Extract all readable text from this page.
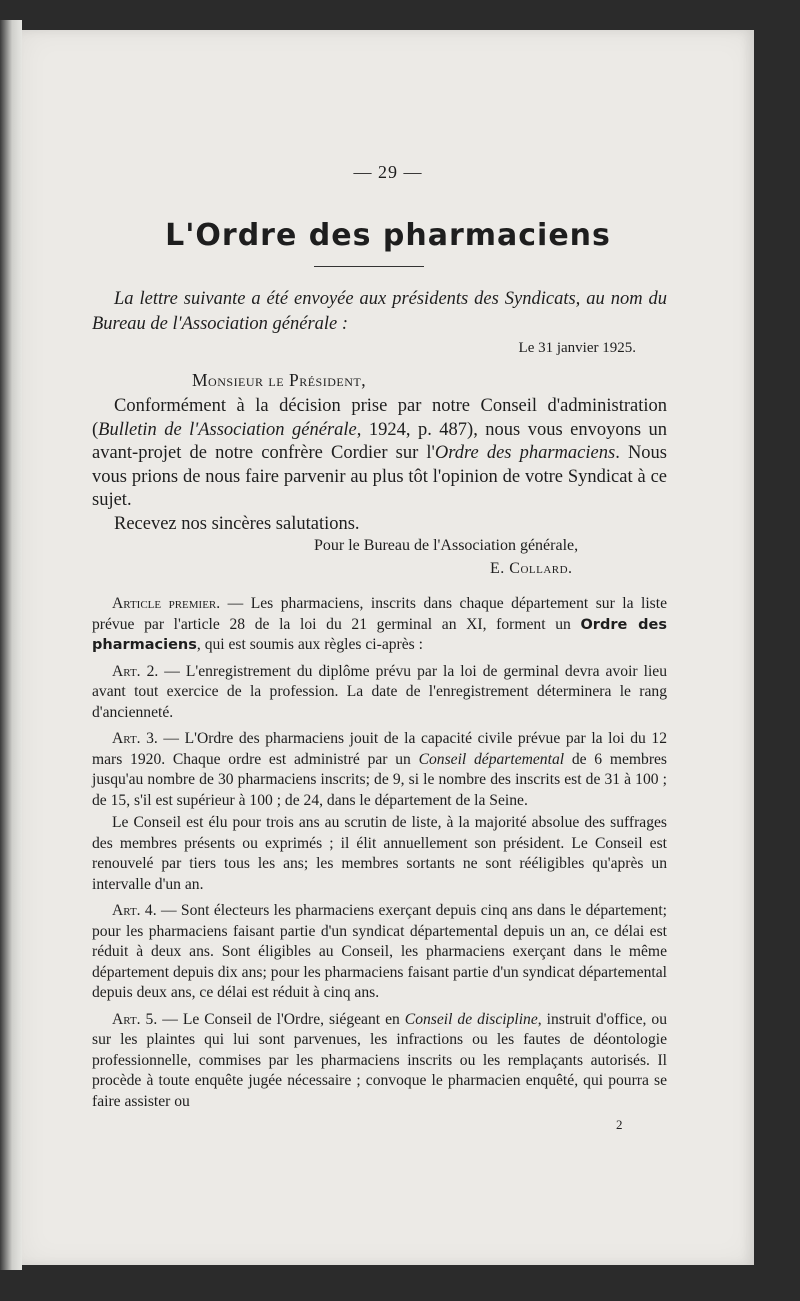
— 29 —
L'Ordre des pharmaciens
La lettre suivante a été envoyée aux présidents des Syndicats, au nom du Bureau de l'Association générale :
Le 31 janvier 1925.
Monsieur le Président,

Conformément à la décision prise par notre Conseil d'administration (Bulletin de l'Association générale, 1924, p. 487), nous vous envoyons un avant-projet de notre confrère Cordier sur l'Ordre des pharmaciens. Nous vous prions de nous faire parvenir au plus tôt l'opinion de votre Syndicat à ce sujet.

Recevez nos sincères salutations.

Pour le Bureau de l'Association générale,
E. Collard.

Article premier. — Les pharmaciens, inscrits dans chaque département sur la liste prévue par l'article 28 de la loi du 21 germinal an XI, forment un Ordre des pharmaciens, qui est soumis aux règles ci-après :

Art. 2. — L'enregistrement du diplôme prévu par la loi de germinal devra avoir lieu avant tout exercice de la profession. La date de l'enregistrement déterminera le rang d'ancienneté.

Art. 3. — L'Ordre des pharmaciens jouit de la capacité civile prévue par la loi du 12 mars 1920. Chaque ordre est administré par un Conseil départemental de 6 membres jusqu'au nombre de 30 pharmaciens inscrits; de 9, si le nombre des inscrits est de 31 à 100 ; de 15, s'il est supérieur à 100 ; de 24, dans le département de la Seine.

Le Conseil est élu pour trois ans au scrutin de liste, à la majorité absolue des suffrages des membres présents ou exprimés ; il élit annuellement son président. Le Conseil est renouvelé par tiers tous les ans; les membres sortants ne sont rééligibles qu'après un intervalle d'un an.

Art. 4. — Sont électeurs les pharmaciens exerçant depuis cinq ans dans le département; pour les pharmaciens faisant partie d'un syndicat départemental depuis un an, ce délai est réduit à deux ans. Sont éligibles au Conseil, les pharmaciens exerçant dans le même département depuis dix ans; pour les pharmaciens faisant partie d'un syndicat départemental depuis deux ans, ce délai est réduit à cinq ans.

Art. 5. — Le Conseil de l'Ordre, siégeant en Conseil de discipline, instruit d'office, ou sur les plaintes qui lui sont parvenues, les infractions ou les fautes de déontologie professionnelle, commises par les pharmaciens inscrits ou les remplaçants autorisés. Il procède à toute enquête jugée nécessaire ; convoque le pharmacien enquêté, qui pourra se faire assister ou

2
